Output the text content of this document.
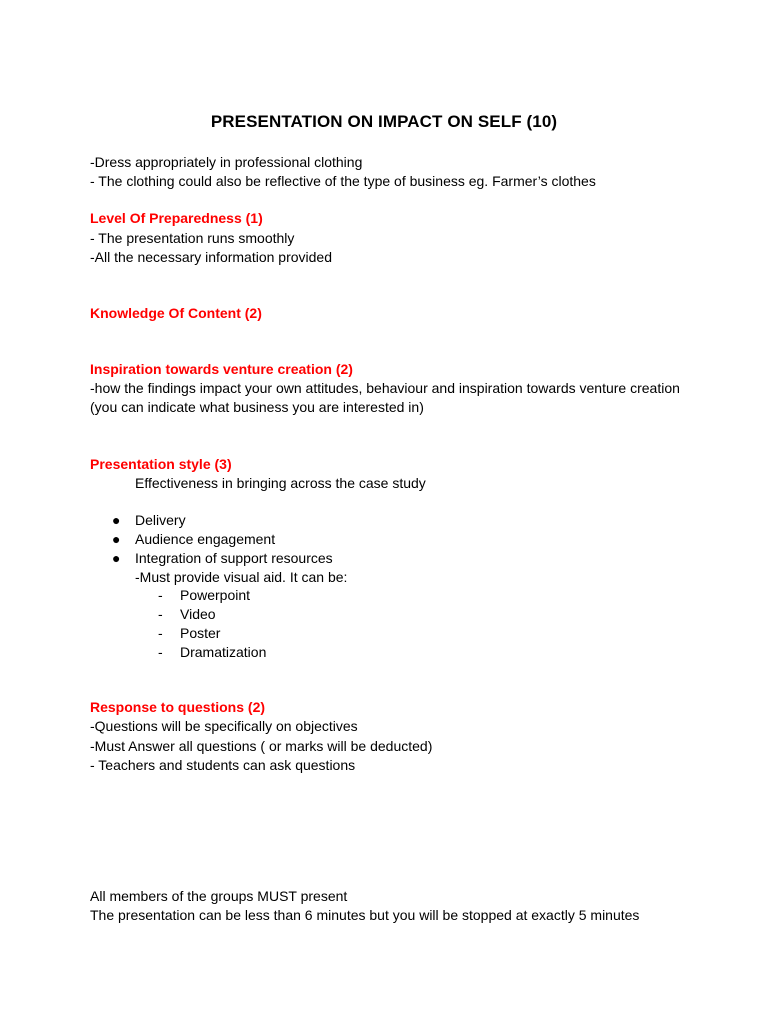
PRESENTATION ON IMPACT ON SELF (10)
-Dress appropriately in professional clothing
- The clothing could also be reflective of the type of business eg. Farmer’s clothes
Level Of Preparedness (1)
- The presentation runs smoothly
-All the necessary information provided
Knowledge Of Content (2)
Inspiration towards venture creation (2)
-how the findings impact your own attitudes, behaviour and inspiration towards venture creation
(you can indicate what business you are interested in)
Presentation style (3)
Effectiveness in bringing across the case study
● Delivery
● Audience engagement
● Integration of support resources
-Must provide visual aid. It can be:
- Powerpoint
- Video
- Poster
- Dramatization
Response to questions (2)
-Questions will be specifically on objectives
-Must Answer all questions ( or marks will be deducted)
- Teachers and students can ask questions
All members of the groups MUST present
The presentation can be less than 6 minutes but you will be stopped at exactly 5 minutes
